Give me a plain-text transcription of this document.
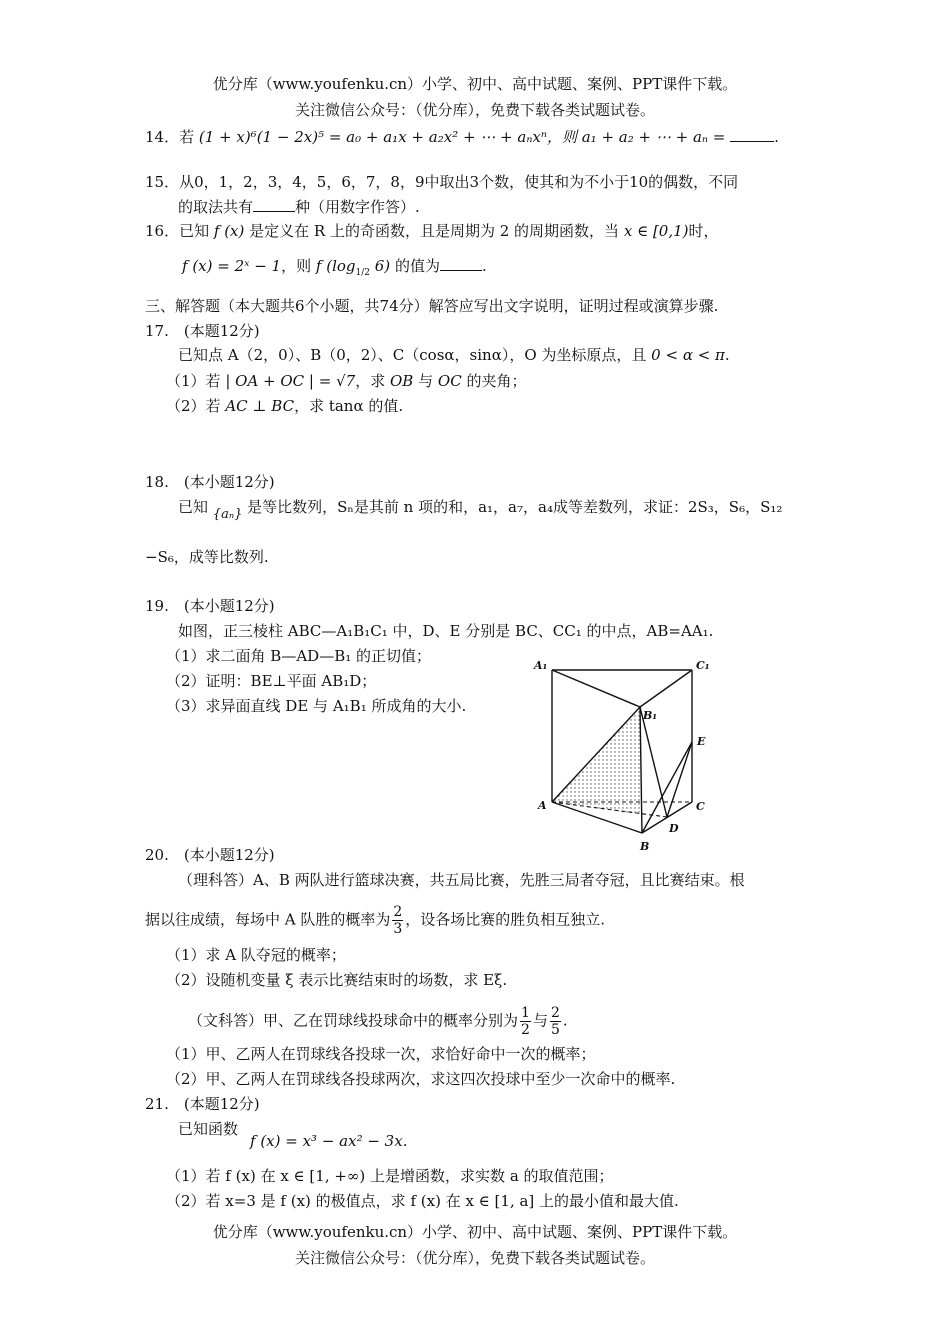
优分库（www.youfenku.cn）小学、初中、高中试题、案例、PPT课件下载。
关注微信公众号：（优分库），免费下载各类试题试卷。
14．若 (1 + x)⁶(1 − 2x)⁵ = a₀ + a₁x + a₂x² + ⋯ + aₙxⁿ，则 a₁ + a₂ + ⋯ + aₙ =	.
15．从0，1，2，3，4，5，6，7，8，9中取出3个数，使其和为不小于10的偶数，不同
的取法共有	种（用数字作答）.
16．已知 f (x) 是定义在 R 上的奇函数，且是周期为 2 的周期函数，当 x ∈ [0,1)时，
f (x) = 2ˣ − 1，则 f ($\log_{1/2}$ 6) 的值为	.
三、解答题（本大题共6个小题，共74分）解答应写出文字说明，证明过程或演算步骤.
17.　(本题12分)
已知点 A（2，0）、B（0，2）、C（cosα，sinα），O 为坐标原点，且 0 < α < π.
（1）若 | OA + OC | = √7，求 OB 与 OC 的夹角；
（2）若 AC ⊥ BC，求 tanα 的值.
18.　(本小题12分)
已知 {aₙ} 是等比数列，Sₙ是其前 n 项的和，a₁，a₇，a₄成等差数列，求证：2S₃，S₆，S₁₂
−S₆，成等比数列.
19.　(本小题12分)
如图，正三棱柱 ABC—A₁B₁C₁ 中，D、E 分别是 BC、CC₁ 的中点，AB=AA₁.
（1）求二面角 B—AD—B₁ 的正切值；
（2）证明：BE⊥平面 AB₁D；
（3）求异面直线 DE 与 A₁B₁ 所成角的大小.
A₁	C₁
B₁
E
A	C
D
B
20.　(本小题12分)
（理科答）A、B 两队进行篮球决赛，共五局比赛，先胜三局者夺冠，且比赛结束。根
据以往成绩，每场中 A 队胜的概率为 $\frac{2}{3}$ ，设各场比赛的胜负相互独立.
（1）求 A 队夺冠的概率；
（2）设随机变量 ξ 表示比赛结束时的场数，求 Eξ.
（文科答）甲、乙在罚球线投球命中的概率分别为 $\frac{1}{2}$ 与 $\frac{2}{5}$ .
（1）甲、乙两人在罚球线各投球一次，求恰好命中一次的概率；
（2）甲、乙两人在罚球线各投球两次，求这四次投球中至少一次命中的概率.
21.　(本题12分)
已知函数
f (x) = x³ − ax² − 3x.
（1）若 f (x) 在 x ∈ [1, +∞) 上是增函数，求实数 a 的取值范围；
（2）若 x=3 是 f (x) 的极值点，求 f (x) 在 x ∈ [1, a] 上的最小值和最大值.
优分库（www.youfenku.cn）小学、初中、高中试题、案例、PPT课件下载。
关注微信公众号：（优分库），免费下载各类试题试卷。
